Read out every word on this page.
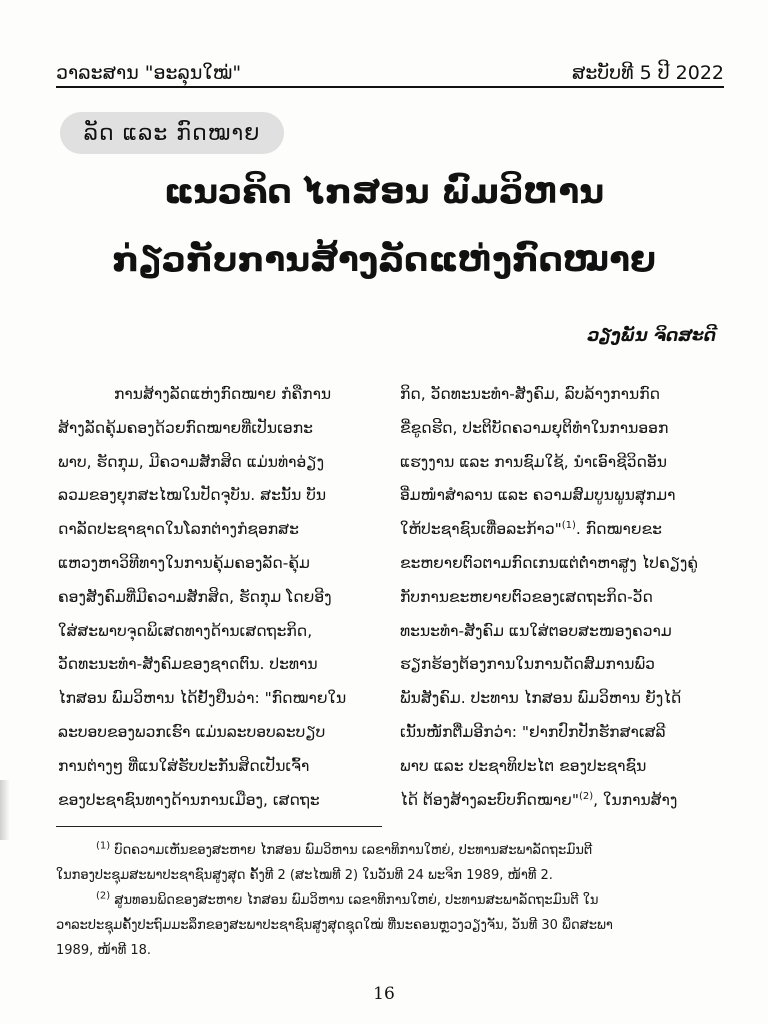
ວາລະສານ "ອະລຸນໃໝ່"	ສະບັບທີ 5 ປີ 2022
ລັດ ແລະ ກົດໝາຍ
ແນວຄິດ ໄກສອນ ພົມວິຫານ
ກ່ຽວກັບການສ້າງລັດແຫ່ງກົດໝາຍ
ວຽງພັນ ຈິດສະດີ
ການສ້າງລັດແຫ່ງກົດໝາຍ ກໍຄືການ
ສ້າງລັດຄຸ້ມຄອງດ້ວຍກົດໝາຍທີ່ເປັນເອກະ
ພາບ, ຮັດກຸມ, ມີຄວາມສັກສິດ ແມ່ນທ່າອ່ຽງ
ລວມຂອງຍຸກສະໄໝໃນປັດຈຸບັນ. ສະນັ້ນ ບັນ
ດາລັດປະຊາຊາດໃນໂລກຕ່າງກໍຊອກສະ
ແຫວງຫາວິທີທາງໃນການຄຸ້ມຄອງລັດ-ຄຸ້ມ
ຄອງສັງຄົມທີ່ມີຄວາມສັກສິດ, ຮັດກຸມ ໂດຍອີງ
ໃສ່ສະພາບຈຸດພິເສດທາງດ້ານເສດຖະກິດ,
ວັດທະນະທຳ-ສັງຄົມຂອງຊາດຕົນ. ປະທານ
ໄກສອນ ພົມວິຫານ ໄດ້ຢັ້ງຢືນວ່າ: "ກົດໝາຍໃນ
ລະບອບຂອງພວກເຮົາ ແມ່ນລະບອບລະບຽບ
ການຕ່າງໆ ທີ່ແນໃສ່ຮັບປະກັນສິດເປັນເຈົ້າ
ຂອງປະຊາຊົນທາງດ້ານການເມືອງ, ເສດຖະ
ກິດ, ວັດທະນະທຳ-ສັງຄົມ, ລົບລ້າງການກົດ
ຂີ່ຂູດຮີດ, ປະຕິບັດຄວາມຍຸຕິທຳໃນການອອກ
ແຮງງານ ແລະ ການຊົມໃຊ້, ນຳເອົາຊີວິດອັນ
ອີ່ມໜຳສຳລານ ແລະ ຄວາມສົມບູນພູນສຸກມາ
ໃຫ້ປະຊາຊົນເທື່ອລະກ້າວ"$^{(1)}$. ກົດໝາຍຂະ
ຂະຫຍາຍຕົວຕາມກົດເກນແຕ່ຕ່ຳຫາສູງ ໄປຄຽງຄູ່
ກັບການຂະຫຍາຍຕົວຂອງເສດຖະກິດ-ວັດ
ທະນະທຳ-ສັງຄົມ ແນໃສ່ຕອບສະໜອງຄວາມ
ຮຽກຮ້ອງຕ້ອງການໃນການດັດສົມການພົວ
ພັນສັງຄົມ. ປະທານ ໄກສອນ ພົມວິຫານ ຍັງໄດ້
ເນັ້ນໜັກຕື່ມອີກວ່າ: "ຢາກປົກປັກຮັກສາເສລີ
ພາບ ແລະ ປະຊາທິປະໄຕ ຂອງປະຊາຊົນ
ໄດ້ ຕ້ອງສ້າງລະບົບກົດໝາຍ"$^{(2)}$, ໃນການສ້າງ
$^{(1)}$ ບົດຄວາມເຫັນຂອງສະຫາຍ ໄກສອນ ພົມວິຫານ ເລຂາທິການໃຫຍ່, ປະທານສະພາລັດຖະມົນຕີ
ໃນກອງປະຊຸມສະພາປະຊາຊົນສູງສຸດ ຄັ້ງທີ 2 (ສະໄໝທີ 2) ໃນວັນທີ 24 ພະຈິກ 1989, ໜ້າທີ 2.
$^{(2)}$ ສູນທອນພິດຂອງສະຫາຍ ໄກສອນ ພົມວິຫານ ເລຂາທິການໃຫຍ່, ປະທານສະພາລັດຖະມົນຕີ ໃນ
ວາລະປະຊຸມຄັ້ງປະຖົມມະລຶກຂອງສະພາປະຊາຊົນສູງສຸດຊຸດໃໝ່ ທີ່ນະຄອນຫຼວງວຽງຈັນ, ວັນທີ 30 ພຶດສະພາ
1989, ໜ້າທີ 18.
16
